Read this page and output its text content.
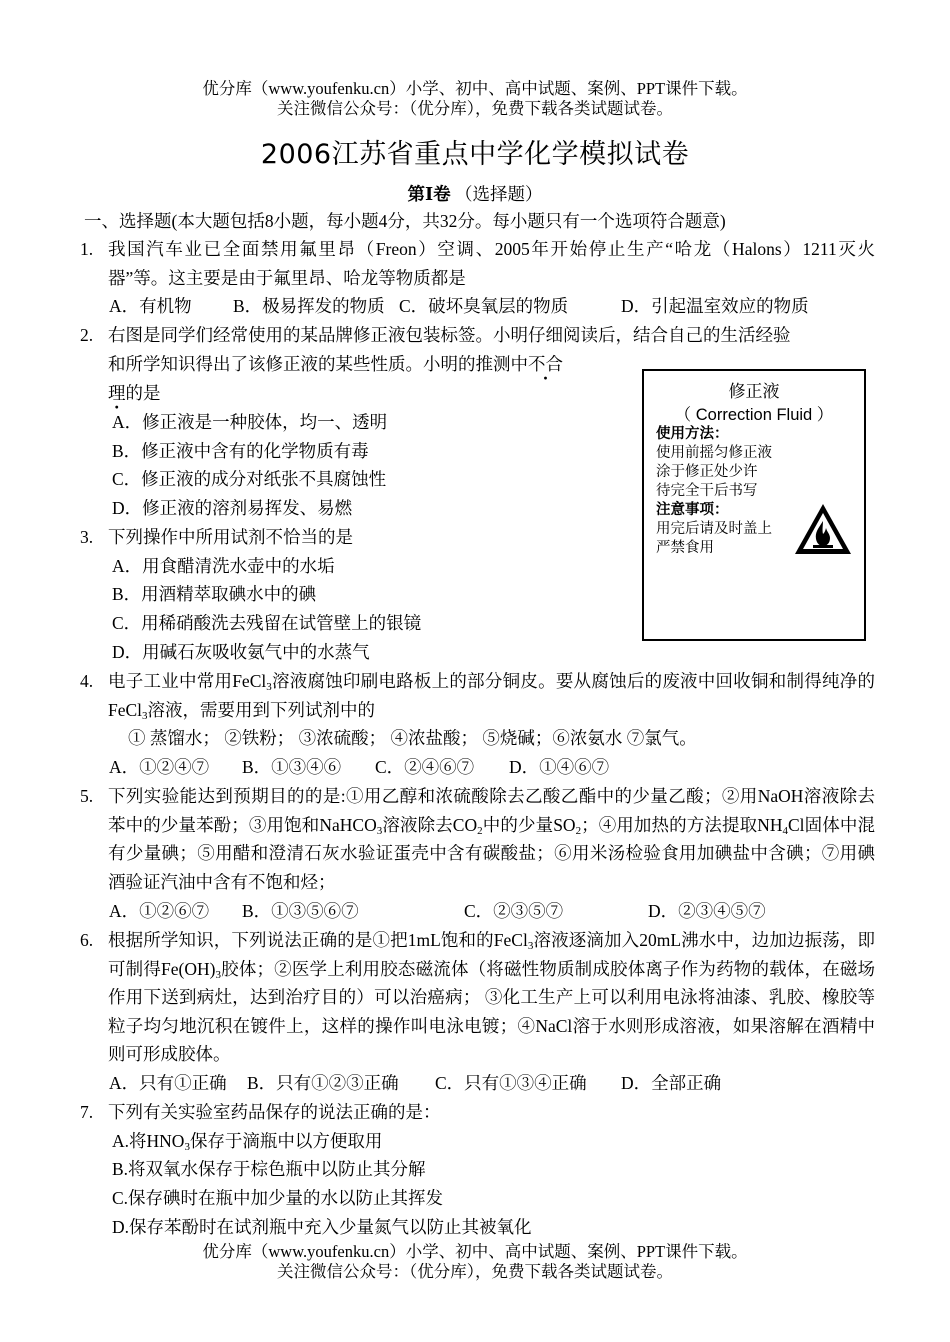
优分库（www.youfenku.cn）小学、初中、高中试题、案例、PPT课件下载。
关注微信公众号：（优分库），免费下载各类试题试卷。
2006江苏省重点中学化学模拟试卷
第Ⅰ卷 （选择题）
一、选择题(本大题包括8小题，每小题4分，共32分。每小题只有一个选项符合题意)
1. 我国汽车业已全面禁用氟里昂（Freon）空调、2005年开始停止生产“哈龙（Halons）1211灭火器”等。这主要是由于氟里昂、哈龙等物质都是
A．有机物 B．极易挥发的物质 C．破坏臭氧层的物质	D．引起温室效应的物质
2. 右图是同学们经常使用的某品牌修正液包装标签。小明仔细阅读后，结合自己的生活经验
和所学知识得出了该修正液的某些性质。小明的推测中不合
理的是
A．修正液是一种胶体，均一、透明
B．修正液中含有的化学物质有毒
C．修正液的成分对纸张不具腐蚀性
D．修正液的溶剂易挥发、易燃
修正液
（ Correction Fluid ）
使用方法：
使用前摇匀修正液
涂于修正处少许
待完全干后书写
注意事项：
用完后请及时盖上
严禁食用
3. 下列操作中所用试剂不恰当的是
A．用食醋清洗水壶中的水垢
B．用酒精萃取碘水中的碘
C．用稀硝酸洗去残留在试管壁上的银镜
D．用碱石灰吸收氨气中的水蒸气
4. 电子工业中常用FeCl$_3$溶液腐蚀印刷电路板上的部分铜皮。要从腐蚀后的废液中回收铜和制得纯净的FeCl$_3$溶液，需要用到下列试剂中的
① 蒸馏水； ②铁粉； ③浓硫酸； ④浓盐酸； ⑤烧碱；⑥浓氨水 ⑦氯气。
A．①②④⑦ B．①③④⑥ C．②④⑥⑦ D．①④⑥⑦
5. 下列实验能达到预期目的的是:①用乙醇和浓硫酸除去乙酸乙酯中的少量乙酸；②用NaOH溶液除去苯中的少量苯酚；③用饱和NaHCO$_3$溶液除去$CO_2$中的少量$SO_2$；④用加热的方法提取$NH_4Cl$固体中混有少量碘；⑤用醋和澄清石灰水验证蛋壳中含有碳酸盐；⑥用米汤检验食用加碘盐中含碘；⑦用碘酒验证汽油中含有不饱和烃；
A．①②⑥⑦ B．①③⑤⑥⑦	C．②③⑤⑦	D．②③④⑤⑦
6. 根据所学知识，下列说法正确的是①把1mL饱和的FeCl$_3$溶液逐滴加入20mL沸水中，边加边振荡，即可制得$Fe(OH)_3$胶体；②医学上利用胶态磁流体（将磁性物质制成胶体离子作为药物的载体，在磁场作用下送到病灶，达到治疗目的）可以治癌病； ③化工生产上可以利用电泳将油漆、乳胶、橡胶等粒子均匀地沉积在镀件上，这样的操作叫电泳电镀；④NaCl溶于水则形成溶液，如果溶解在酒精中则可形成胶体。
A．只有①正确 B．只有①②③正确 C．只有①③④正确 D．全部正确
7. 下列有关实验室药品保存的说法正确的是：
A.将$HNO_3$保存于滴瓶中以方便取用
B.将双氧水保存于棕色瓶中以防止其分解
C.保存碘时在瓶中加少量的水以防止其挥发
D.保存苯酚时在试剂瓶中充入少量氮气以防止其被氧化
优分库（www.youfenku.cn）小学、初中、高中试题、案例、PPT课件下载。
关注微信公众号：（优分库），免费下载各类试题试卷。
